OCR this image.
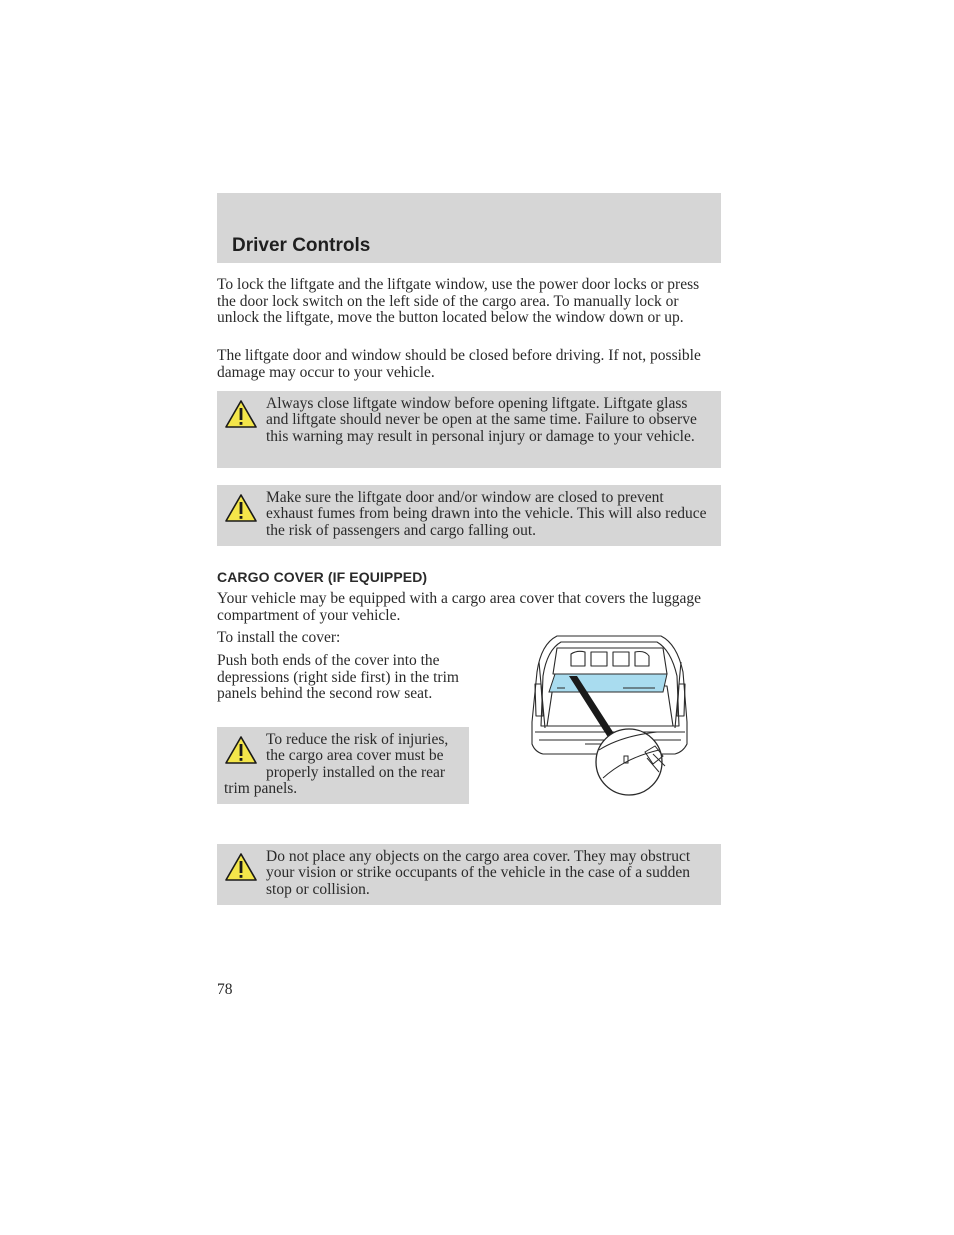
Driver Controls

To lock the liftgate and the liftgate window, use the power door locks or press the door lock switch on the left side of the cargo area. To manually lock or unlock the liftgate, move the button located below the window down or up.

The liftgate door and window should be closed before driving. If not, possible damage may occur to your vehicle.

Always close liftgate window before opening liftgate. Liftgate glass and liftgate should never be open at the same time. Failure to observe this warning may result in personal injury or damage to your vehicle.

Make sure the liftgate door and/or window are closed to prevent exhaust fumes from being drawn into the vehicle. This will also reduce the risk of passengers and cargo falling out.

CARGO COVER (IF EQUIPPED)

Your vehicle may be equipped with a cargo area cover that covers the luggage compartment of your vehicle.

To install the cover:

Push both ends of the cover into the depressions (right side first) in the trim panels behind the second row seat.

To reduce the risk of injuries, the cargo area cover must be properly installed on the rear trim panels.

Do not place any objects on the cargo area cover. They may obstruct your vision or strike occupants of the vehicle in the case of a sudden stop or collision.

78
